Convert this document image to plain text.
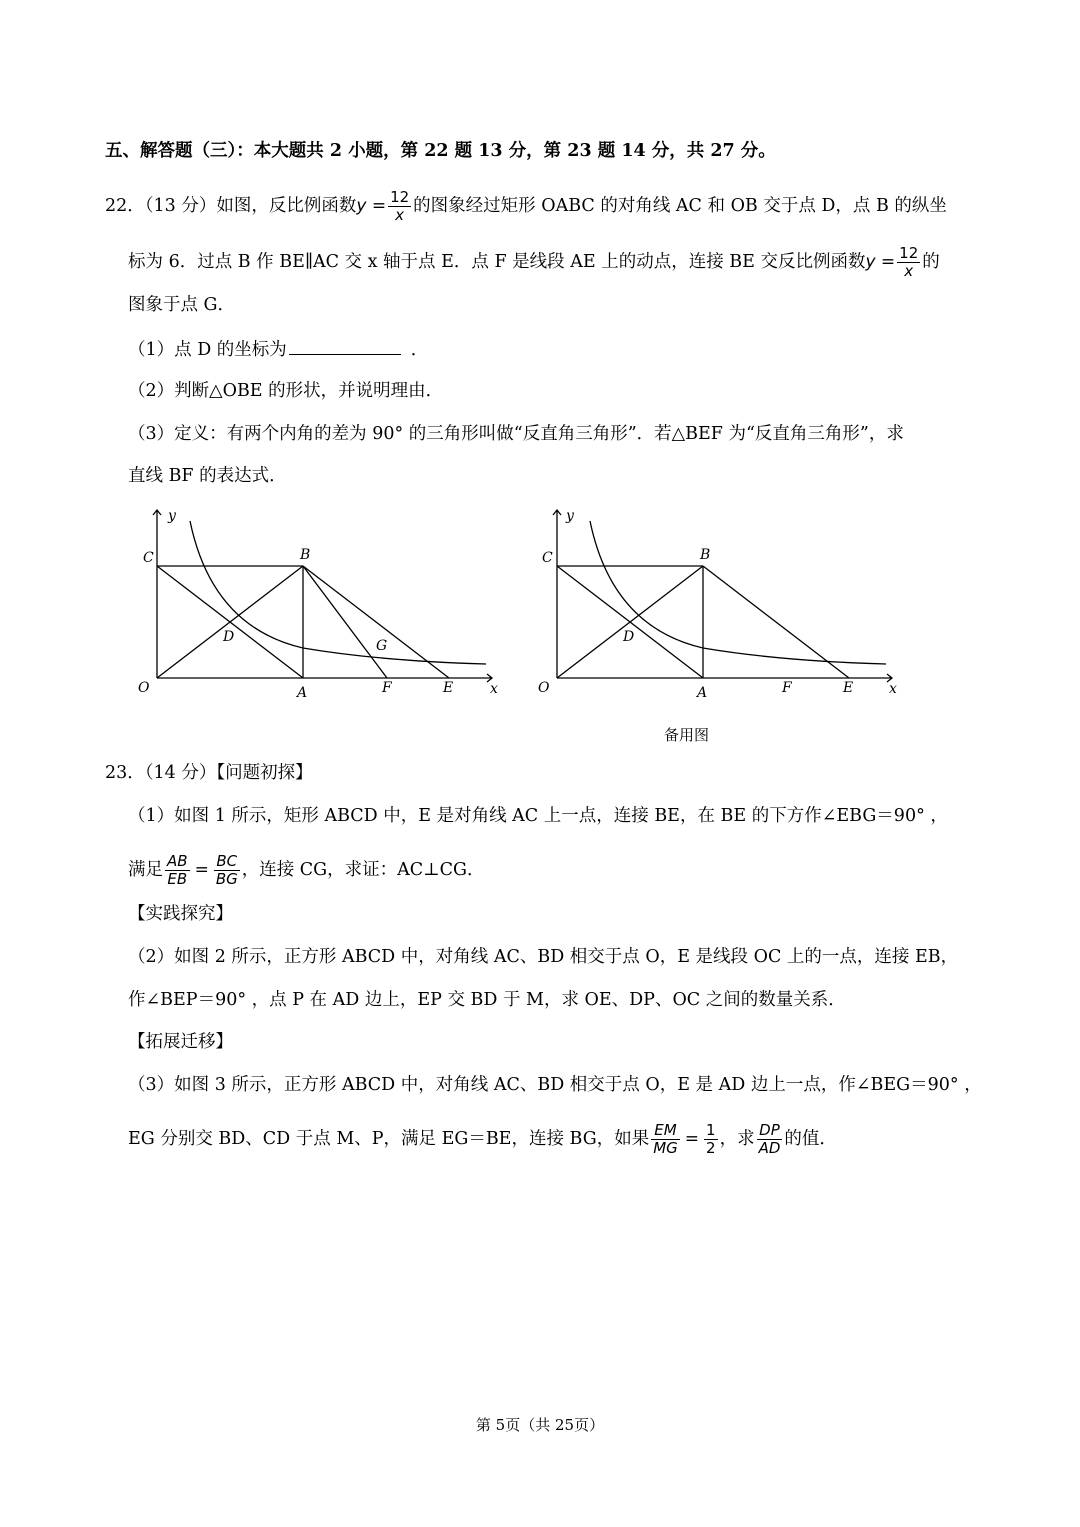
五、解答题（三）：本大题共 2 小题，第 22 题 13 分，第 23 题 14 分，共 27 分。
22．（13 分）如图，反比例函数$y = \frac{12}{x}$ 的图象经过矩形 OABC 的对角线 AC 和 OB 交于点 D，点 B 的纵坐
标为 6．过点 B 作 BE∥AC 交 x 轴于点 E．点 F 是线段 AE 上的动点，连接 BE 交反比例函数$y = \frac{12}{x}$ 的
图象于点 G．
（1）点 D 的坐标为	．
（2）判断△OBE 的形状，并说明理由．
（3）定义：有两个内角的差为 90° 的三角形叫做“反直角三角形”．若△BEF 为“反直角三角形”，求
直线 BF 的表达式．
y
C	B
D
G
O	A	F	E	x
y
C	B
D
O	A	F	E	x
备用图
23．（14 分）【问题初探】
（1）如图 1 所示，矩形 ABCD 中，E 是对角线 AC 上一点，连接 BE，在 BE 的下方作∠EBG＝90° ，
满足 $\frac{AB}{EB} = \frac{BC}{BG}$ ，连接 CG，求证：AC⊥CG．
【实践探究】
（2）如图 2 所示，正方形 ABCD 中，对角线 AC、BD 相交于点 O，E 是线段 OC 上的一点，连接 EB，
作∠BEP＝90° ，点 P 在 AD 边上，EP 交 BD 于 M，求 OE、DP、OC 之间的数量关系．
【拓展迁移】
（3）如图 3 所示，正方形 ABCD 中，对角线 AC、BD 相交于点 O，E 是 AD 边上一点，作∠BEG＝90° ，
EG 分别交 BD、CD 于点 M、P，满足 EG＝BE，连接 BG，如果 $\frac{EM}{MG} = \frac{1}{2}$ ，求 $\frac{DP}{AD}$ 的值．
第 5页（共 25页）
